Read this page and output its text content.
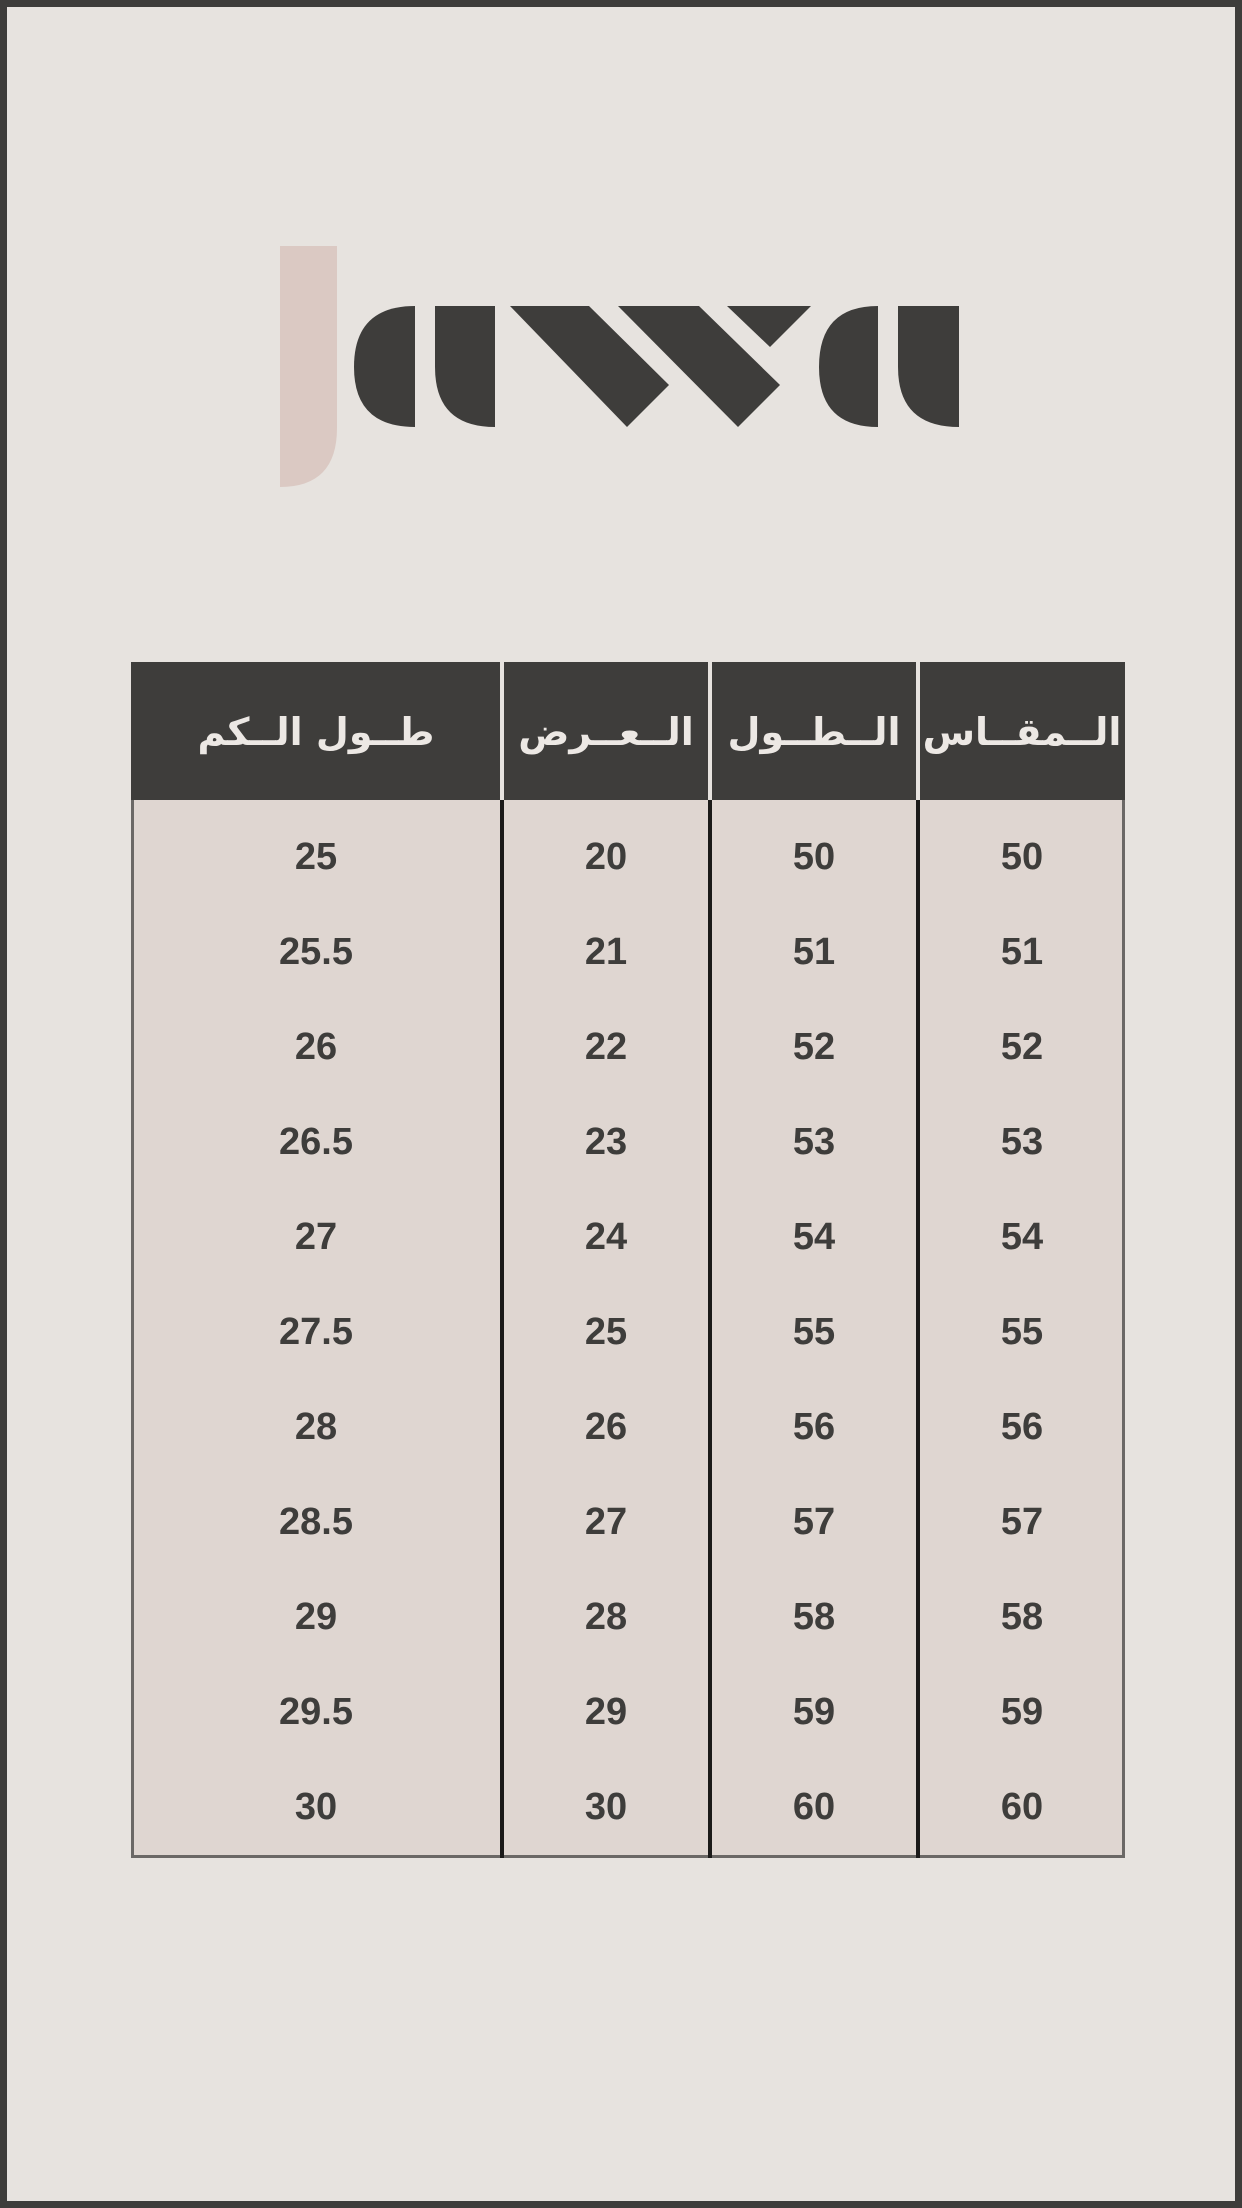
طــول الــكم	الــعــرض الــطــول الــمقــاس
25
25.5
26
26.5
27
27.5
28
28.5
29
29.5
30
20
21
22
23
24
25
26
27
28
29
30
50
51
52
53
54
55
56
57
58
59
60
50
51
52
53
54
55
56
57
58
59
60
